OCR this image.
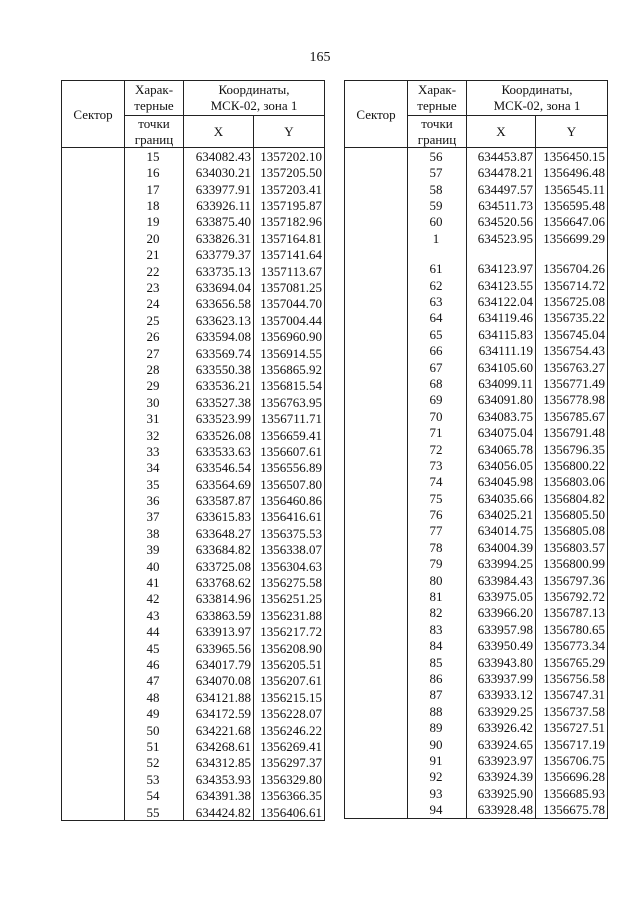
165
Сектор	Харак-
терные	Координаты,
МСК-02, зона 1	
	точки
границ	X	Y
	15	634082.43	1357202.10
	16	634030.21	1357205.50
	17	633977.91	1357203.41
	18	633926.11	1357195.87
	19	633875.40	1357182.96
	20	633826.31	1357164.81
	21	633779.37	1357141.64
	22	633735.13	1357113.67
	23	633694.04	1357081.25
	24	633656.58	1357044.70
	25	633623.13	1357004.44
	26	633594.08	1356960.90
	27	633569.74	1356914.55
	28	633550.38	1356865.92
	29	633536.21	1356815.54
	30	633527.38	1356763.95
	31	633523.99	1356711.71
	32	633526.08	1356659.41
	33	633533.63	1356607.61
	34	633546.54	1356556.89
	35	633564.69	1356507.80
	36	633587.87	1356460.86
	37	633615.83	1356416.61
	38	633648.27	1356375.53
	39	633684.82	1356338.07
	40	633725.08	1356304.63
	41	633768.62	1356275.58
	42	633814.96	1356251.25
	43	633863.59	1356231.88
	44	633913.97	1356217.72
	45	633965.56	1356208.90
	46	634017.79	1356205.51
	47	634070.08	1356207.61
	48	634121.88	1356215.15
	49	634172.59	1356228.07
	50	634221.68	1356246.22
	51	634268.61	1356269.41
	52	634312.85	1356297.37
	53	634353.93	1356329.80
	54	634391.38	1356366.35
	55	634424.82	1356406.61
Сектор	Харак-
терные	Координаты,
МСК-02, зона 1	
	точки
границ	X	Y
	56	634453.87	1356450.15
	57	634478.21	1356496.48
	58	634497.57	1356545.11
	59	634511.73	1356595.48
	60	634520.56	1356647.06
	1	634523.95	1356699.29

	61	634123.97	1356704.26
	62	634123.55	1356714.72
	63	634122.04	1356725.08
	64	634119.46	1356735.22
	65	634115.83	1356745.04
	66	634111.19	1356754.43
	67	634105.60	1356763.27
	68	634099.11	1356771.49
	69	634091.80	1356778.98
	70	634083.75	1356785.67
	71	634075.04	1356791.48
	72	634065.78	1356796.35
	73	634056.05	1356800.22
	74	634045.98	1356803.06
	75	634035.66	1356804.82
	76	634025.21	1356805.50
	77	634014.75	1356805.08
	78	634004.39	1356803.57
	79	633994.25	1356800.99
	80	633984.43	1356797.36
	81	633975.05	1356792.72
	82	633966.20	1356787.13
	83	633957.98	1356780.65
	84	633950.49	1356773.34
	85	633943.80	1356765.29
	86	633937.99	1356756.58
	87	633933.12	1356747.31
	88	633929.25	1356737.58
	89	633926.42	1356727.51
	90	633924.65	1356717.19
	91	633923.97	1356706.75
	92	633924.39	1356696.28
	93	633925.90	1356685.93
	94	633928.48	1356675.78
